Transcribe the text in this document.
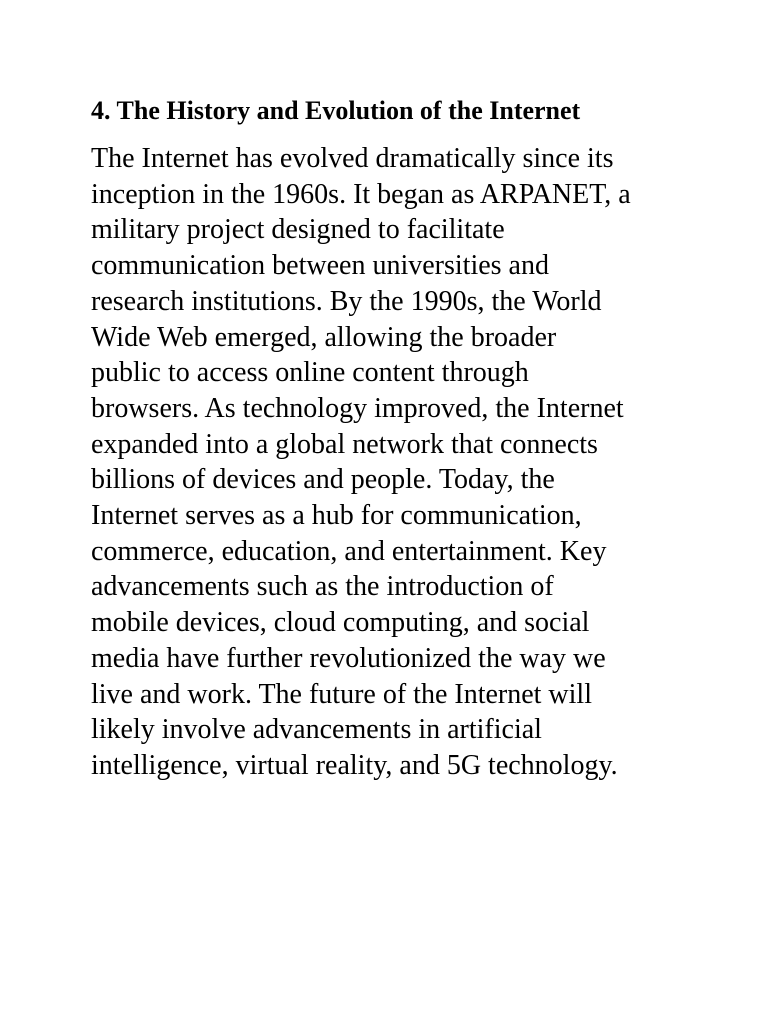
4. The History and Evolution of the Internet

The Internet has evolved dramatically since its
inception in the 1960s. It began as ARPANET, a
military project designed to facilitate
communication between universities and
research institutions. By the 1990s, the World
Wide Web emerged, allowing the broader
public to access online content through
browsers. As technology improved, the Internet
expanded into a global network that connects
billions of devices and people. Today, the
Internet serves as a hub for communication,
commerce, education, and entertainment. Key
advancements such as the introduction of
mobile devices, cloud computing, and social
media have further revolutionized the way we
live and work. The future of the Internet will
likely involve advancements in artificial
intelligence, virtual reality, and 5G technology.
